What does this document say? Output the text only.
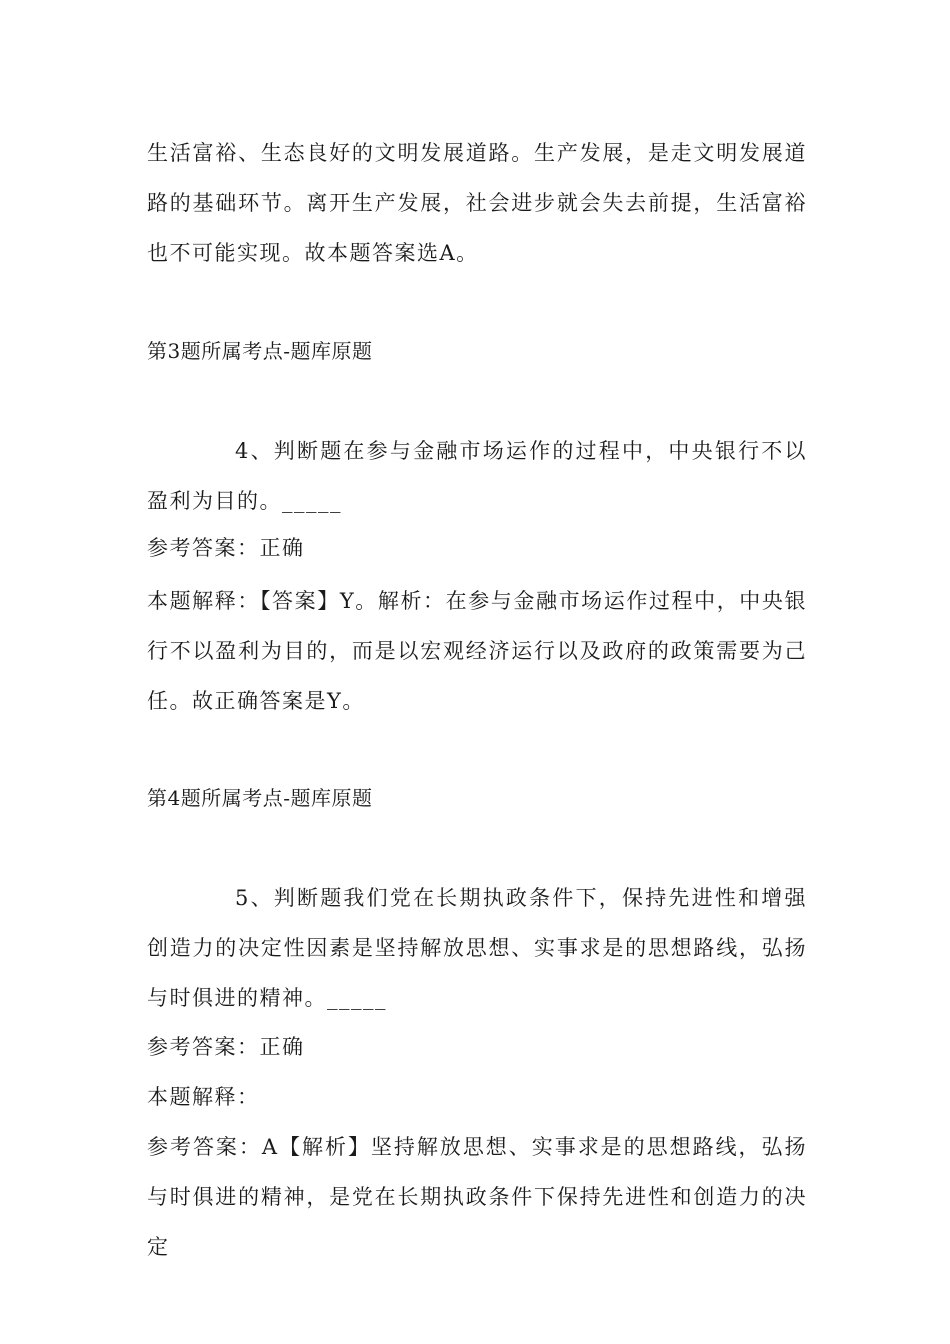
生活富裕、生态良好的文明发展道路。生产发展，是走文明发展道路的基础环节。离开生产发展，社会进步就会失去前提，生活富裕也不可能实现。故本题答案选A。

第3题所属考点-题库原题

4、判断题在参与金融市场运作的过程中，中央银行不以盈利为目的。_____

参考答案：正确

本题解释：【答案】Y。解析：在参与金融市场运作过程中，中央银行不以盈利为目的，而是以宏观经济运行以及政府的政策需要为己任。故正确答案是Y。

第4题所属考点-题库原题

5、判断题我们党在长期执政条件下，保持先进性和增强创造力的决定性因素是坚持解放思想、实事求是的思想路线，弘扬与时俱进的精神。_____

参考答案：正确

本题解释：

参考答案：A【解析】坚持解放思想、实事求是的思想路线，弘扬与时俱进的精神，是党在长期执政条件下保持先进性和创造力的决定
